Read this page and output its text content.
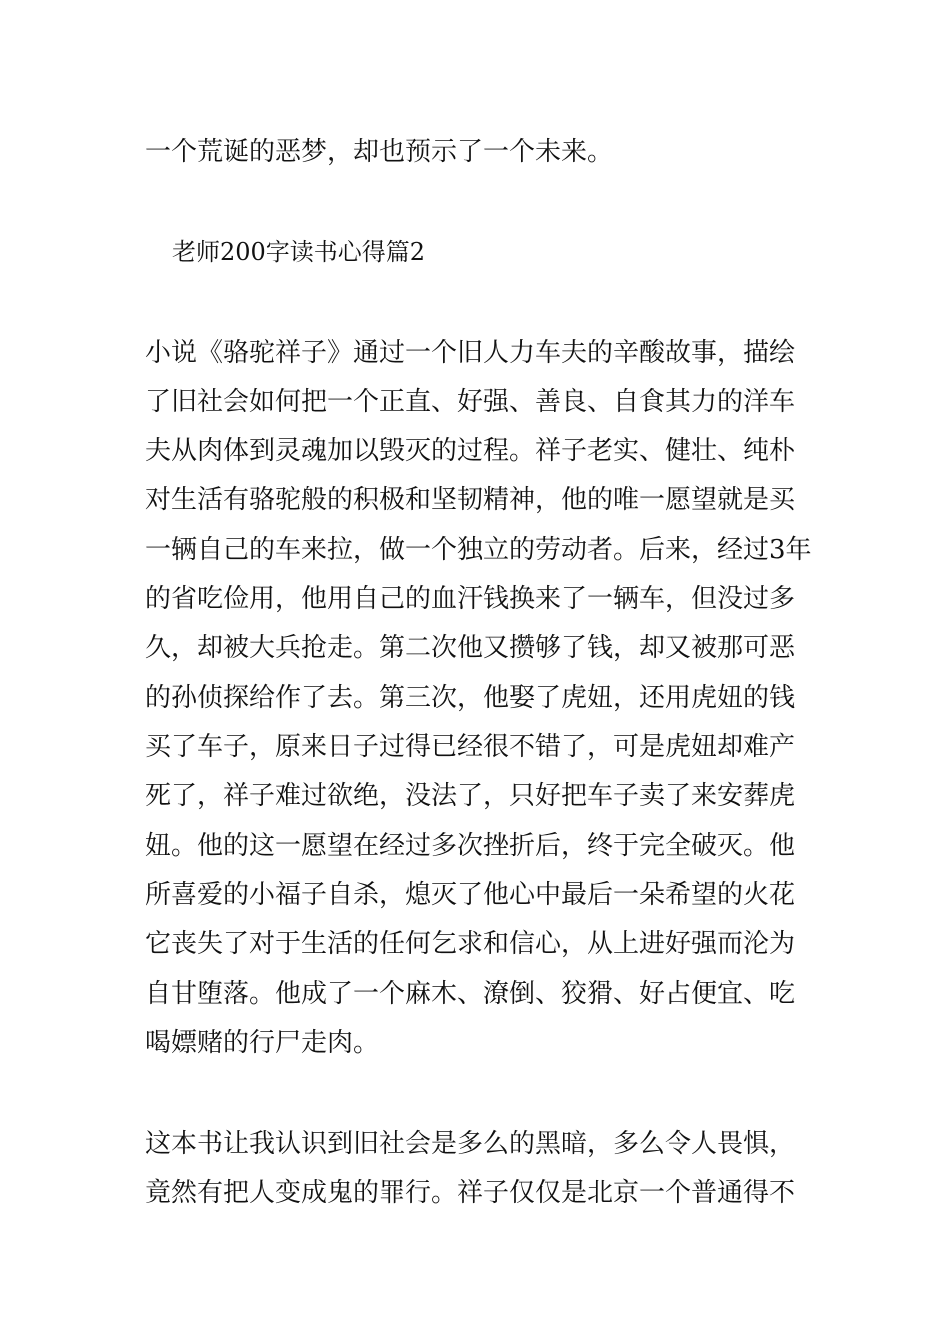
一个荒诞的恶梦，却也预示了一个未来。
老师200字读书心得篇2
小说《骆驼祥子》通过一个旧人力车夫的辛酸故事，描绘
了旧社会如何把一个正直、好强、善良、自食其力的洋车
夫从肉体到灵魂加以毁灭的过程。祥子老实、健壮、纯朴
对生活有骆驼般的积极和坚韧精神，他的唯一愿望就是买
一辆自己的车来拉，做一个独立的劳动者。后来，经过3年
的省吃俭用，他用自己的血汗钱换来了一辆车，但没过多
久，却被大兵抢走。第二次他又攒够了钱，却又被那可恶
的孙侦探给作了去。第三次，他娶了虎妞，还用虎妞的钱
买了车子，原来日子过得已经很不错了，可是虎妞却难产
死了，祥子难过欲绝，没法了，只好把车子卖了来安葬虎
妞。他的这一愿望在经过多次挫折后，终于完全破灭。他
所喜爱的小福子自杀，熄灭了他心中最后一朵希望的火花
它丧失了对于生活的任何乞求和信心，从上进好强而沦为
自甘堕落。他成了一个麻木、潦倒、狡猾、好占便宜、吃
喝嫖赌的行尸走肉。
这本书让我认识到旧社会是多么的黑暗，多么令人畏惧，
竟然有把人变成鬼的罪行。祥子仅仅是北京一个普通得不
